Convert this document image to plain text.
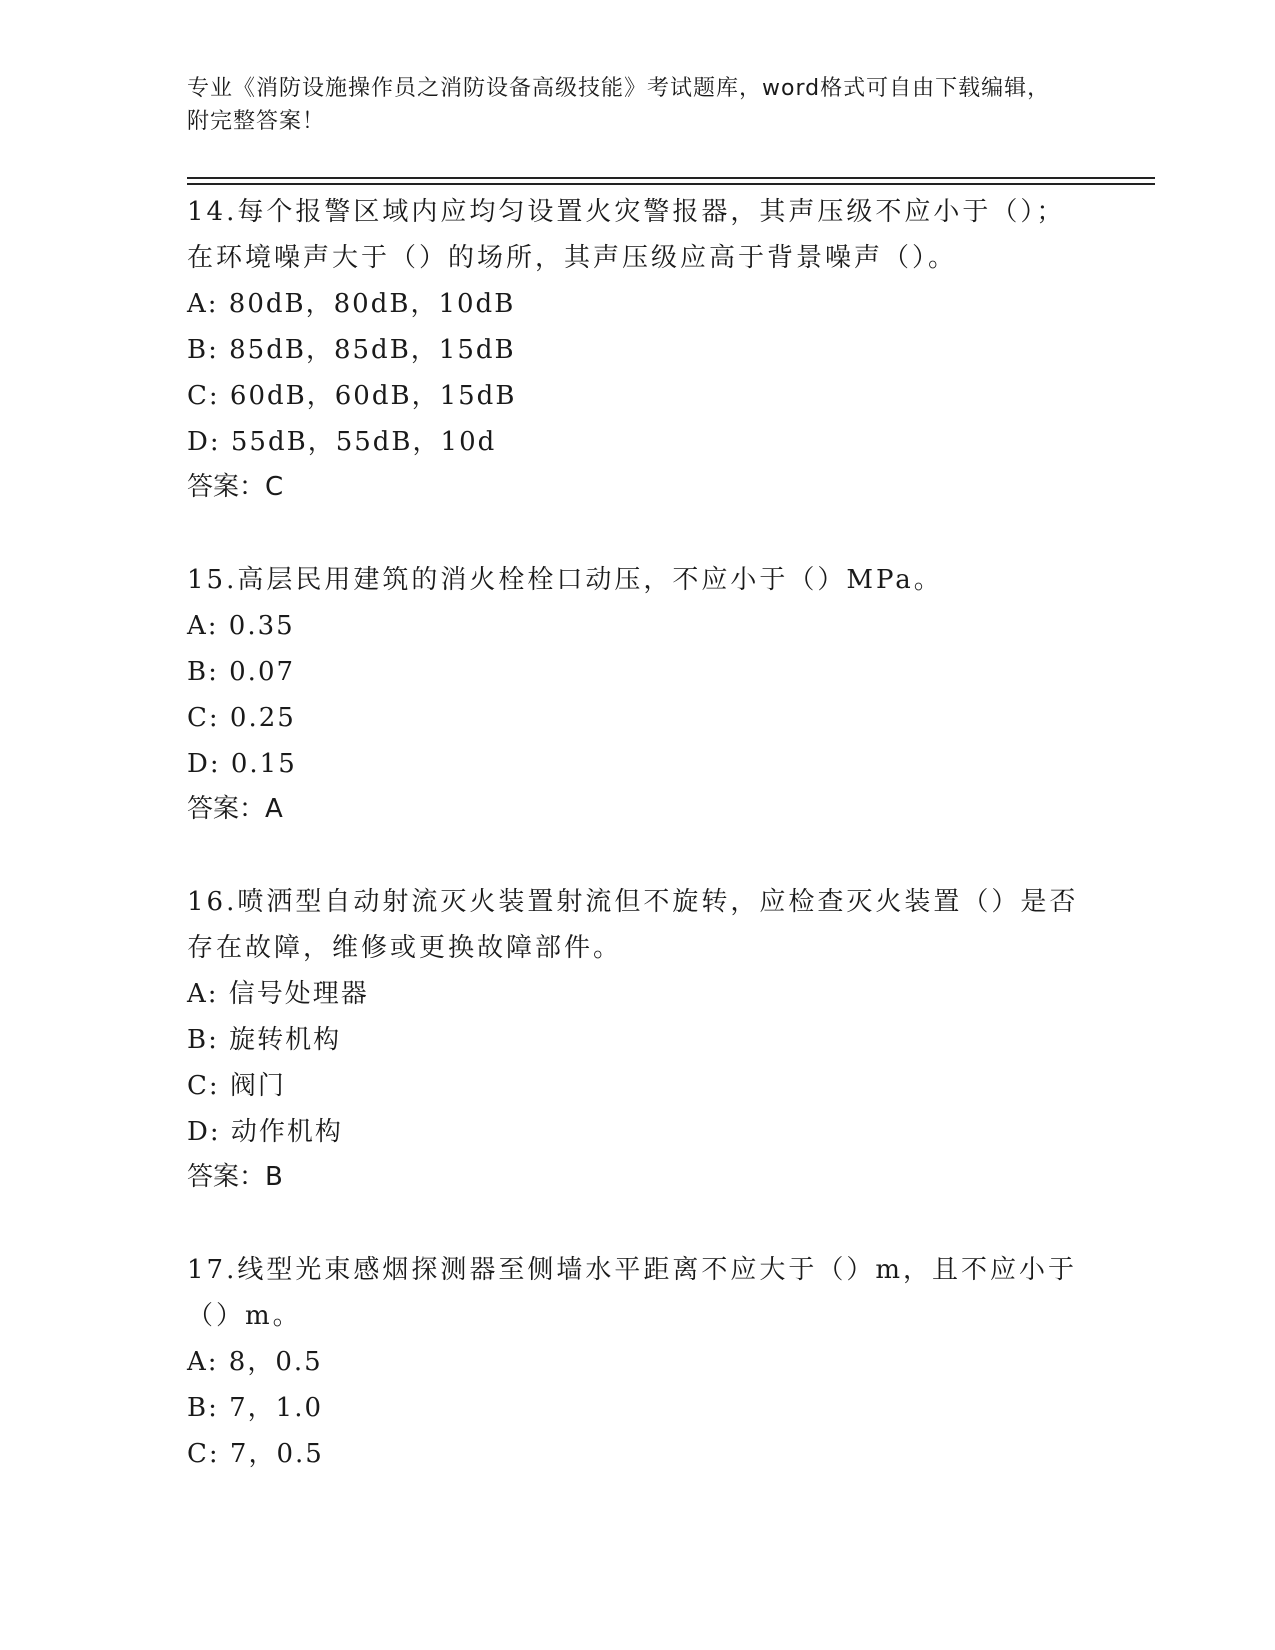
专业《消防设施操作员之消防设备高级技能》考试题库，word格式可自由下载编辑，附完整答案！

14.每个报警区域内应均匀设置火灾警报器，其声压级不应小于（）；在环境噪声大于（）的场所，其声压级应高于背景噪声（）。

A: 80dB，80dB，10dB

B: 85dB，85dB，15dB

C: 60dB，60dB，15dB

D: 55dB，55dB，10d

答案：C

15.高层民用建筑的消火栓栓口动压，不应小于（）MPa。

A: 0.35

B: 0.07

C: 0.25

D: 0.15

答案：A

16.喷洒型自动射流灭火装置射流但不旋转，应检查灭火装置（）是否存在故障，维修或更换故障部件。

A: 信号处理器

B: 旋转机构

C: 阀门

D: 动作机构

答案：B

17.线型光束感烟探测器至侧墙水平距离不应大于（）m，且不应小于（）m。

A: 8，0.5

B: 7，1.0

C: 7，0.5
